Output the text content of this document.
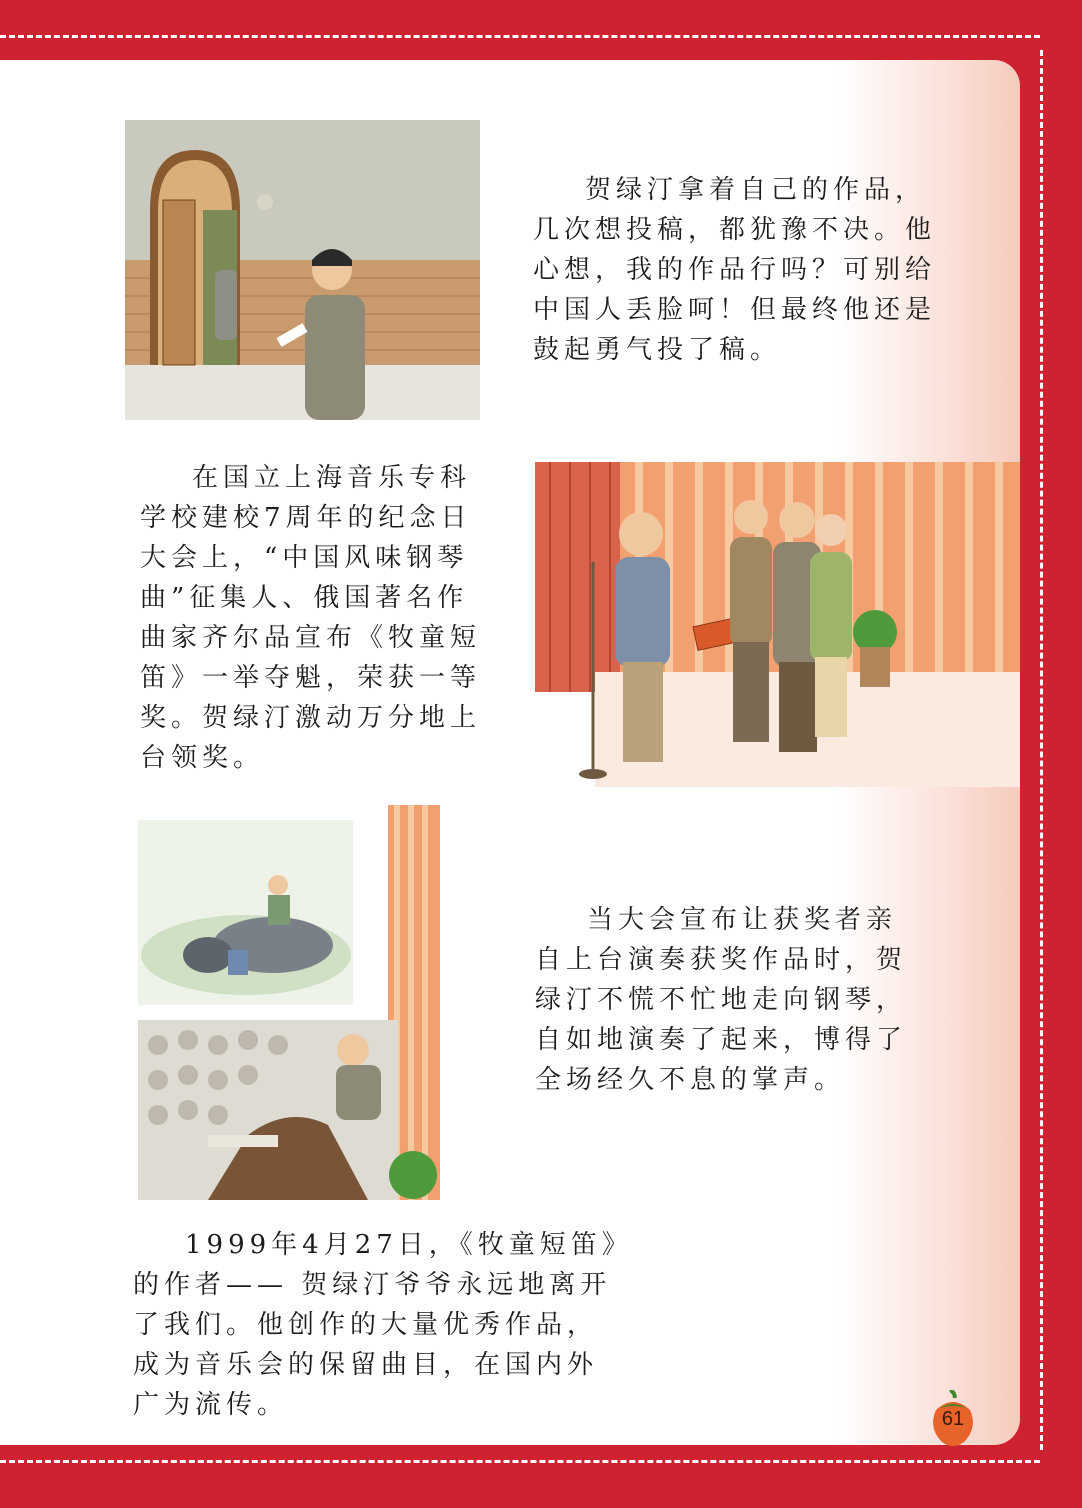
贺绿汀拿着自己的作品，几次想投稿，都犹豫不决。他心想，我的作品行吗？可别给中国人丢脸呵！但最终他还是鼓起勇气投了稿。

在国立上海音乐专科学校建校7周年的纪念日大会上，“中国风味钢琴曲”征集人、俄国著名作曲家齐尔品宣布《牧童短笛》一举夺魁，荣获一等奖。贺绿汀激动万分地上台领奖。

当大会宣布让获奖者亲自上台演奏获奖作品时，贺绿汀不慌不忙地走向钢琴，自如地演奏了起来，博得了全场经久不息的掌声。

1999年4月27日，《牧童短笛》的作者—— 贺绿汀爷爷永远地离开了我们。他创作的大量优秀作品，成为音乐会的保留曲目，在国内外广为流传。	61
